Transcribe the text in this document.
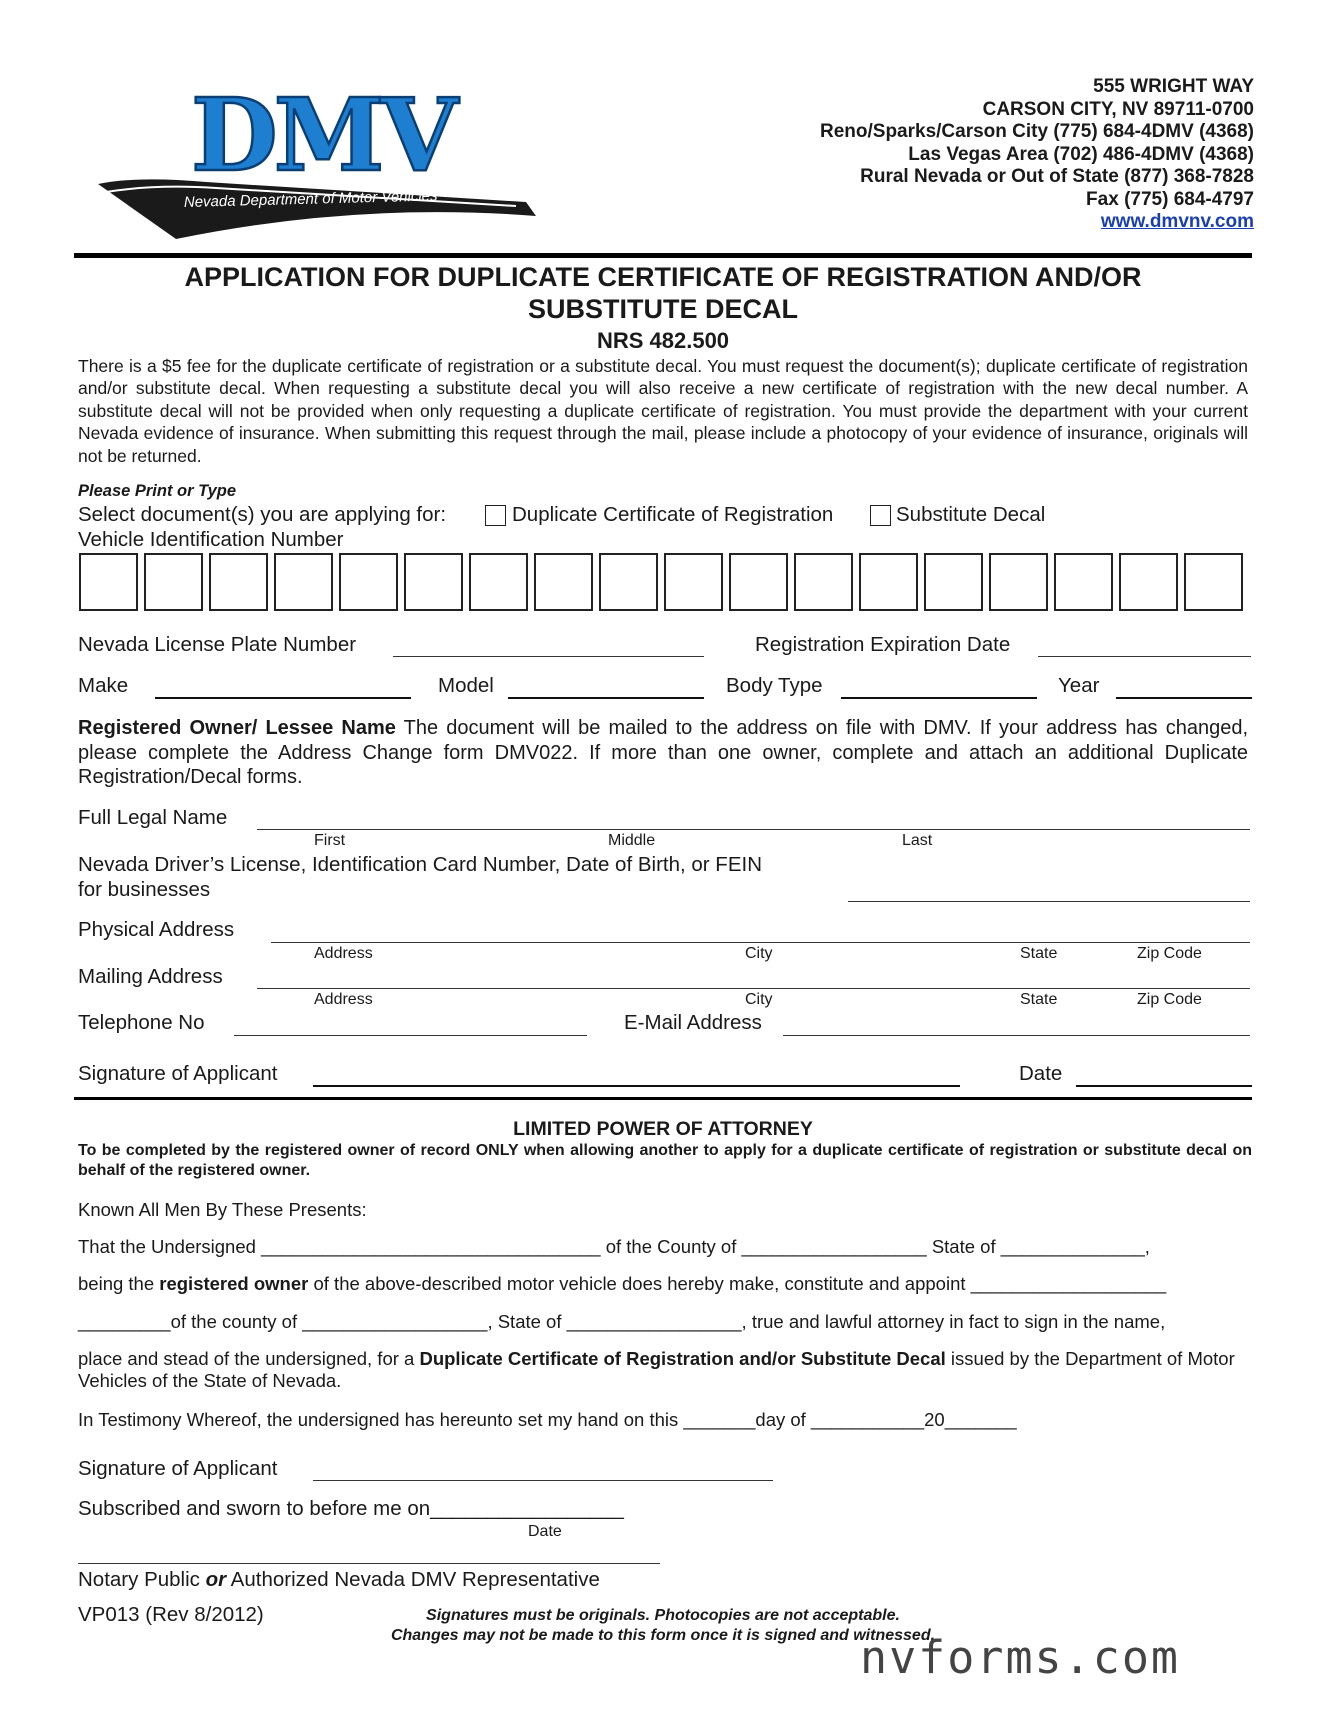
DMV
Nevada Department of Motor Vehicles
555 WRIGHT WAY
CARSON CITY, NV 89711-0700
Reno/Sparks/Carson City (775) 684-4DMV (4368)
Las Vegas Area (702) 486-4DMV (4368)
Rural Nevada or Out of State (877) 368-7828
Fax (775) 684-4797
www.dmvnv.com
APPLICATION FOR DUPLICATE CERTIFICATE OF REGISTRATION AND/OR
SUBSTITUTE DECAL
NRS 482.500
There is a $5 fee for the duplicate certificate of registration or a substitute decal. You must request the document(s); duplicate certificate of registration and/or substitute decal. When requesting a substitute decal you will also receive a new certificate of registration with the new decal number. A substitute decal will not be provided when only requesting a duplicate certificate of registration. You must provide the department with your current Nevada evidence of insurance. When submitting this request through the mail, please include a photocopy of your evidence of insurance, originals will not be returned.
Please Print or Type
Select document(s) you are applying for:	Duplicate Certificate of Registration	Substitute Decal
Vehicle Identification Number
Nevada License Plate Number	Registration Expiration Date
Make	Model	Body Type	Year
Registered Owner/ Lessee Name The document will be mailed to the address on file with DMV. If your address has changed, please complete the Address Change form DMV022. If more than one owner, complete and attach an additional Duplicate Registration/Decal forms.
Full Legal Name
First	Middle	Last
Nevada Driver’s License, Identification Card Number, Date of Birth, or FEIN
for businesses
Physical Address
Address	City	State	Zip Code
Mailing Address
Address	City	State	Zip Code
Telephone No	E-Mail Address
Signature of Applicant	Date
LIMITED POWER OF ATTORNEY
To be completed by the registered owner of record ONLY when allowing another to apply for a duplicate certificate of registration or substitute decal on behalf of the registered owner.
Known All Men By These Presents:
That the Undersigned _________________________________ of the County of __________________ State of ______________,
being the registered owner of the above-described motor vehicle does hereby make, constitute and appoint ___________________
_________of the county of __________________, State of _________________, true and lawful attorney in fact to sign in the name,
place and stead of the undersigned, for a Duplicate Certificate of Registration and/or Substitute Decal issued by the Department of Motor Vehicles of the State of Nevada.
In Testimony Whereof, the undersigned has hereunto set my hand on this _______day of ___________20_______
Signature of Applicant
Subscribed and sworn to before me on_________________
Date
Notary Public or Authorized Nevada DMV Representative
VP013 (Rev 8/2012)	Signatures must be originals. Photocopies are not acceptable.
Changes may not be made to this form once it is signed and witnessed.
nvforms.com
